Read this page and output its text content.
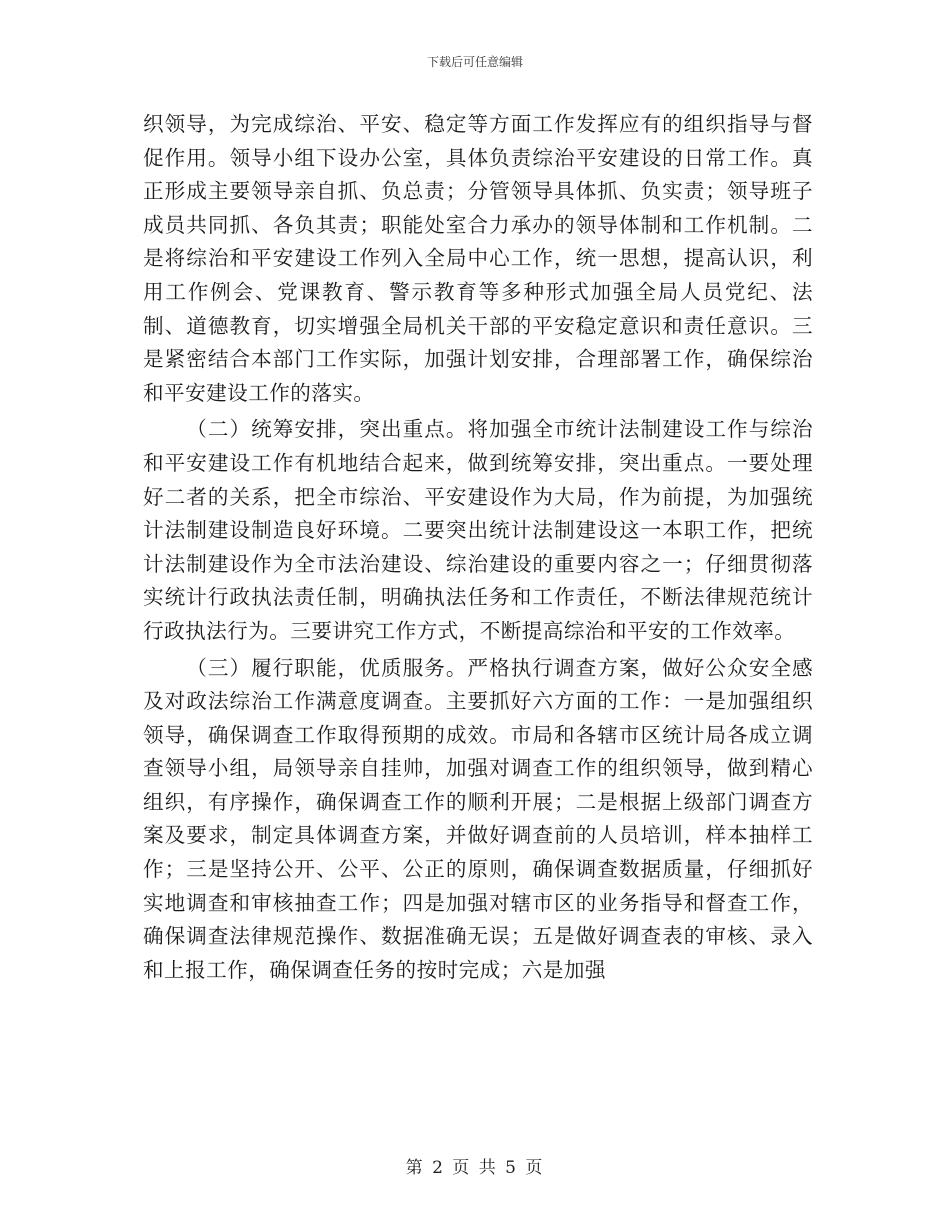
下载后可任意编辑

织领导，为完成综治、平安、稳定等方面工作发挥应有的组织指导与督促作用。领导小组下设办公室，具体负责综治平安建设的日常工作。真正形成主要领导亲自抓、负总责；分管领导具体抓、负实责；领导班子成员共同抓、各负其责；职能处室合力承办的领导体制和工作机制。二是将综治和平安建设工作列入全局中心工作，统一思想，提高认识，利用工作例会、党课教育、警示教育等多种形式加强全局人员党纪、法制、道德教育，切实增强全局机关干部的平安稳定意识和责任意识。三是紧密结合本部门工作实际，加强计划安排，合理部署工作，确保综治和平安建设工作的落实。

（二）统筹安排，突出重点。将加强全市统计法制建设工作与综治和平安建设工作有机地结合起来，做到统筹安排，突出重点。一要处理好二者的关系，把全市综治、平安建设作为大局，作为前提，为加强统计法制建设制造良好环境。二要突出统计法制建设这一本职工作，把统计法制建设作为全市法治建设、综治建设的重要内容之一；仔细贯彻落实统计行政执法责任制，明确执法任务和工作责任，不断法律规范统计行政执法行为。三要讲究工作方式，不断提高综治和平安的工作效率。

（三）履行职能，优质服务。严格执行调查方案，做好公众安全感及对政法综治工作满意度调查。主要抓好六方面的工作：一是加强组织领导，确保调查工作取得预期的成效。市局和各辖市区统计局各成立调查领导小组，局领导亲自挂帅，加强对调查工作的组织领导，做到精心组织，有序操作，确保调查工作的顺利开展；二是根据上级部门调查方案及要求，制定具体调查方案，并做好调查前的人员培训，样本抽样工作；三是坚持公开、公平、公正的原则，确保调查数据质量，仔细抓好实地调查和审核抽查工作；四是加强对辖市区的业务指导和督查工作，确保调查法律规范操作、数据准确无误；五是做好调查表的审核、录入和上报工作，确保调查任务的按时完成；六是加强

第 2 页 共 5 页
